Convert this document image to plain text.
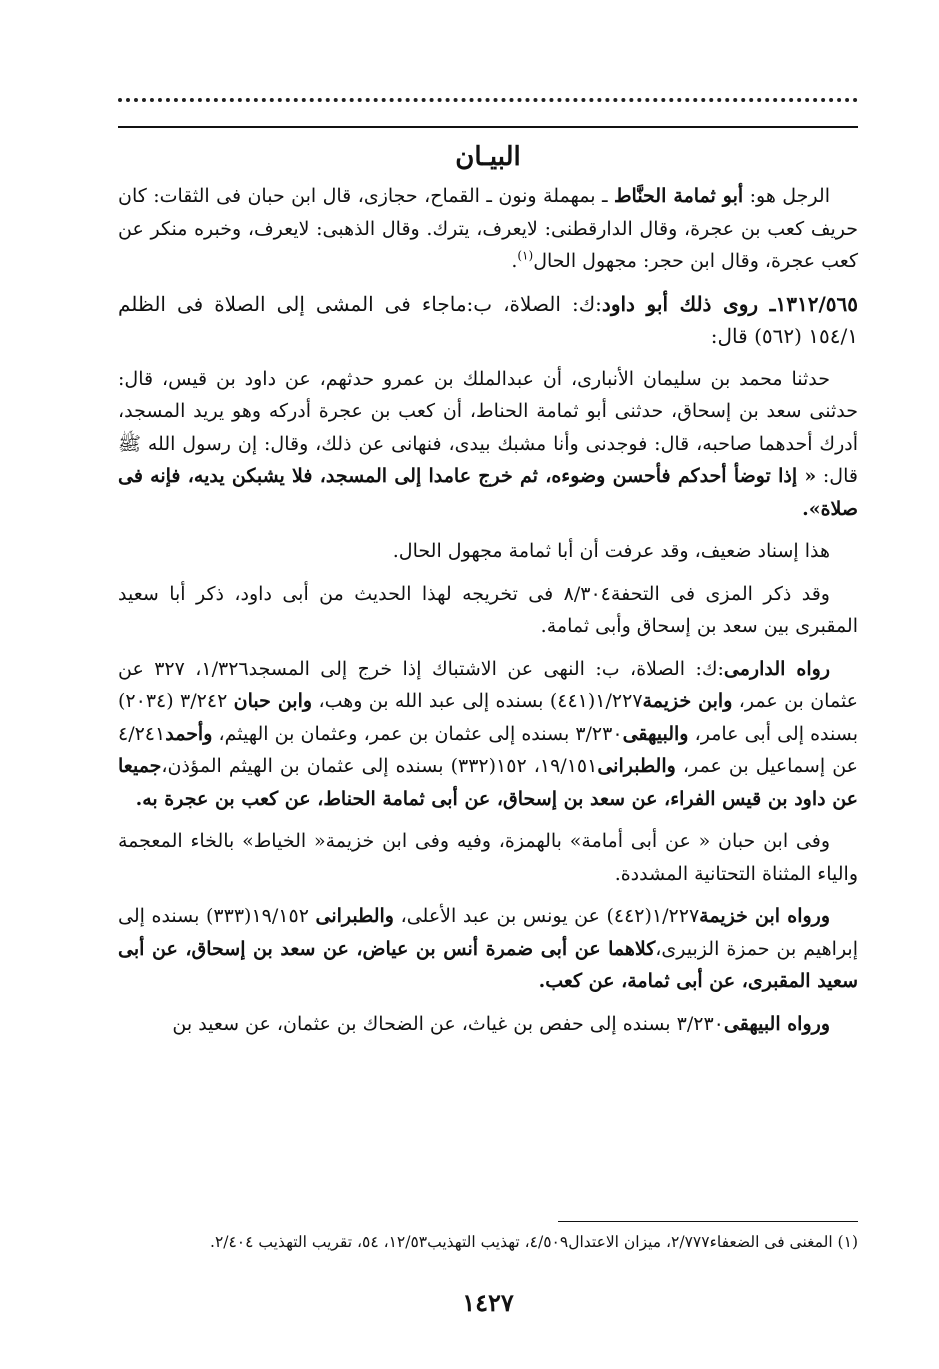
البيـان

الرجل هو: أبو ثمامة الحنَّاط ـ بمهملة ونون ـ القماح، حجازى، قال ابن حبان فى الثقات: كان حريف كعب بن عجرة، وقال الدارقطنى: لايعرف، يترك. وقال الذهبى: لايعرف، وخبره منكر عن كعب عجرة، وقال ابن حجر: مجهول الحال$^{(١)}$.

١٣١٢/٥٦٥ـ روى ذلك أبو داود:ك: الصلاة، ب:ماجاء فى المشى إلى الصلاة فى الظلم ١٥٤/١ (٥٦٢) قال:

حدثنا محمد بن سليمان الأنبارى، أن عبدالملك بن عمرو حدثهم، عن داود بن قيس، قال: حدثنى سعد بن إسحاق، حدثنى أبو ثمامة الحناط، أن كعب بن عجرة أدركه وهو يريد المسجد، أدرك أحدهما صاحبه، قال: فوجدنى وأنا مشبك بيدى، فنهانى عن ذلك، وقال: إن رسول الله ﷺ قال: « إذا توضأ أحدكم فأحسن وضوءه، ثم خرج عامدا إلى المسجد، فلا يشبكن يديه، فإنه فى صلاة».

هذا إسناد ضعيف، وقد عرفت أن أبا ثمامة مجهول الحال.

وقد ذكر المزى فى التحفة٨/٣٠٤ فى تخريجه لهذا الحديث من أبى داود، ذكر أبا سعيد المقبرى بين سعد بن إسحاق وأبى ثمامة.

رواه الدارمى:ك: الصلاة، ب: النهى عن الاشتباك إذا خرج إلى المسجد١/٣٢٦، ٣٢٧ عن عثمان بن عمر، وابن خزيمة١/٢٢٧(٤٤١) بسنده إلى عبد الله بن وهب، وابن حبان ٣/٢٤٢ (٢٠٣٤) بسنده إلى أبى عامر، والبيهقى٣/٢٣٠ بسنده إلى عثمان بن عمر، وعثمان بن الهيثم، وأحمد٤/٢٤١ عن إسماعيل بن عمر، والطبرانى١٩/١٥١، ١٥٢(٣٣٢) بسنده إلى عثمان بن الهيثم المؤذن،جميعا عن داود بن قيس الفراء، عن سعد بن إسحاق، عن أبى ثمامة الحناط، عن كعب بن عجرة به.

وفى ابن حبان « عن أبى أمامة» بالهمزة، وفيه وفى ابن خزيمة« الخياط» بالخاء المعجمة والياء المثناة التحتانية المشددة.

ورواه ابن خزيمة١/٢٢٧(٤٤٢) عن يونس بن عبد الأعلى، والطبرانى ١٩/١٥٢(٣٣٣) بسنده إلى إبراهيم بن حمزة الزبيرى،كلاهما عن أبى ضمرة أنس بن عياض، عن سعد بن إسحاق، عن أبى سعيد المقبرى، عن أبى ثمامة، عن كعب.

ورواه البيهقى٣/٢٣٠ بسنده إلى حفص بن غياث، عن الضحاك بن عثمان، عن سعيد بن

(١) المغنى فى الضعفاء٢/٧٧٧، ميزان الاعتدال٤/٥٠٩، تهذيب التهذيب١٢/٥٣، ٥٤، تقريب التهذيب ٢/٤٠٤.
١٤٢٧
